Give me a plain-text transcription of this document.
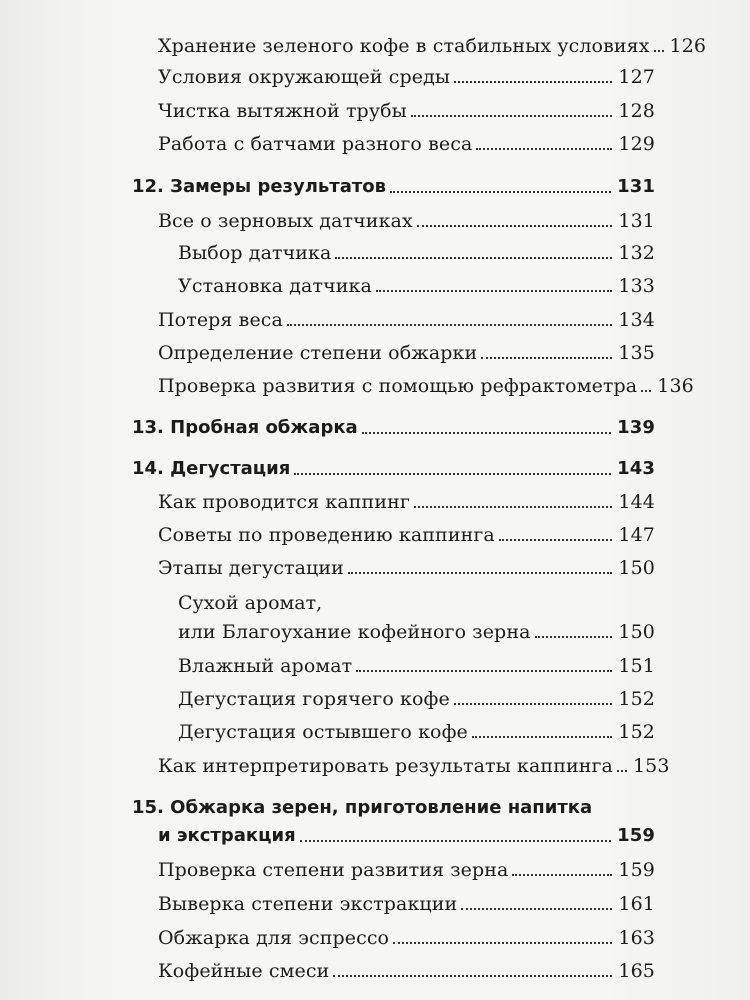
Хранение зеленого кофе в стабильных условиях 126
Условия окружающей среды	127
Чистка вытяжной трубы	128
Работа с батчами разного веса	129
12. Замеры результатов	131
Все о зерновых датчиках	131
Выбор датчика	132
Установка датчика	133
Потеря веса	134
Определение степени обжарки	135
Проверка развития с помощью рефрактометра 136
13. Пробная обжарка	139
14. Дегустация	143
Как проводится каппинг	144
Советы по проведению каппинга	147
Этапы дегустации	150
Сухой аромат,
или Благоухание кофейного зерна	150
Влажный аромат	151
Дегустация горячего кофе	152
Дегустация остывшего кофе	152
Как интерпретировать результаты каппинга 153
15. Обжарка зерен, приготовление напитка
и экстракция	159
Проверка степени развития зерна	159
Выверка степени экстракции	161
Обжарка для эспрессо	163
Кофейные смеси	165
